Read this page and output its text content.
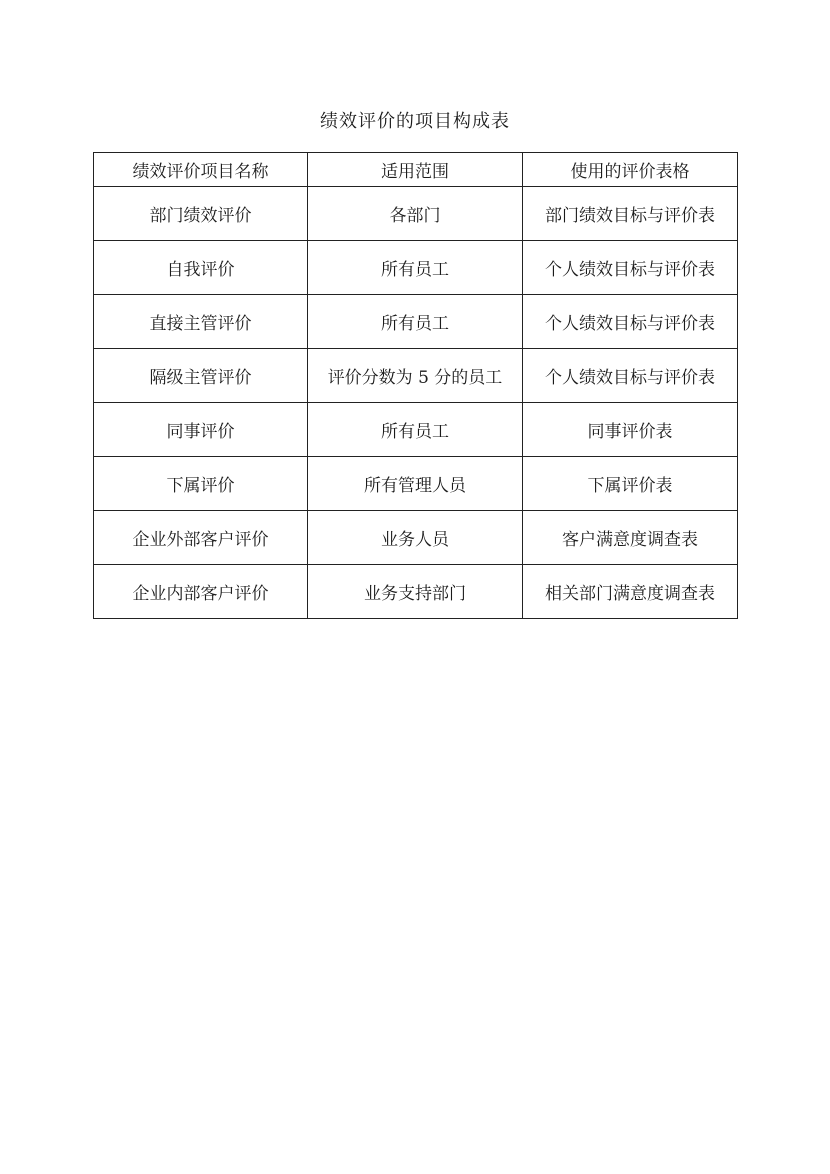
绩效评价的项目构成表
绩效评价项目名称	适用范围	使用的评价表格
部门绩效评价	各部门	部门绩效目标与评价表
自我评价	所有员工	个人绩效目标与评价表
直接主管评价	所有员工	个人绩效目标与评价表
隔级主管评价	评价分数为 5 分的员工	个人绩效目标与评价表
同事评价	所有员工	同事评价表
下属评价	所有管理人员	下属评价表
企业外部客户评价	业务人员	客户满意度调查表
企业内部客户评价	业务支持部门	相关部门满意度调查表
